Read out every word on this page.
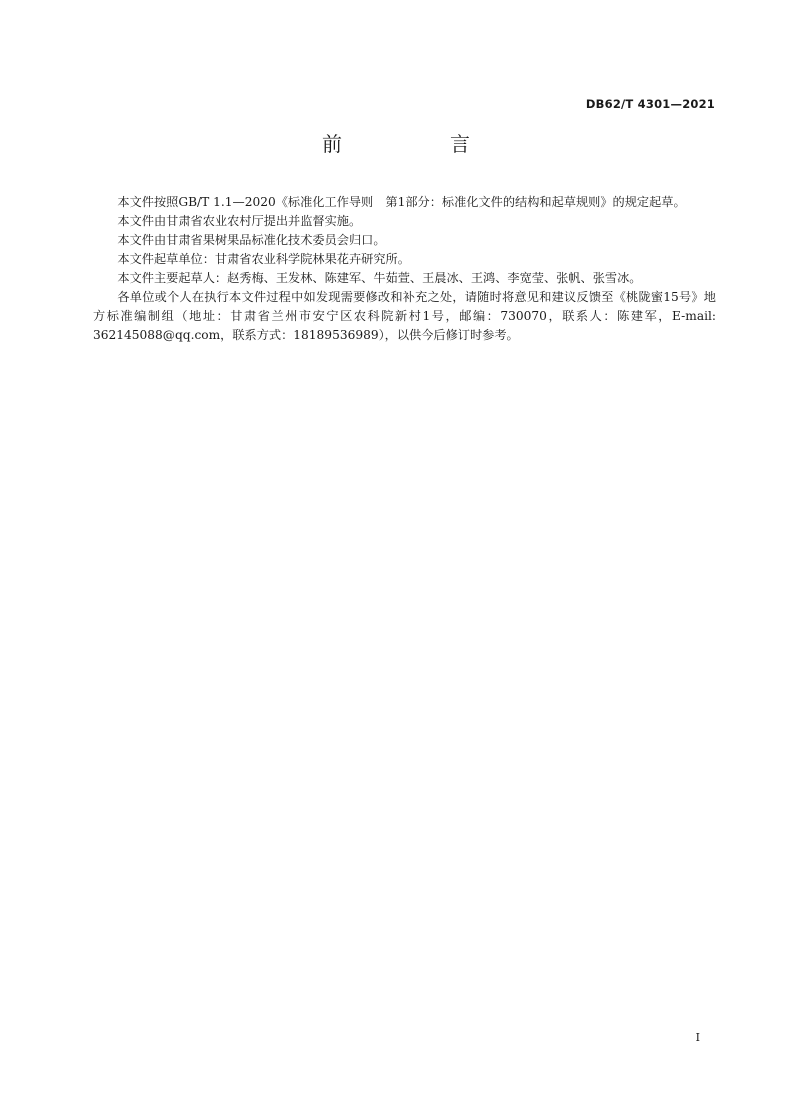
DB62/T 4301—2021
前　言

本文件按照GB/T 1.1—2020《标准化工作导则　第1部分：标准化文件的结构和起草规则》的规定起草。

本文件由甘肃省农业农村厅提出并监督实施。

本文件由甘肃省果树果品标准化技术委员会归口。

本文件起草单位：甘肃省农业科学院林果花卉研究所。

本文件主要起草人：赵秀梅、王发林、陈建军、牛茹萱、王晨冰、王鸿、李宽莹、张帆、张雪冰。

各单位或个人在执行本文件过程中如发现需要修改和补充之处，请随时将意见和建议反馈至《桃陇蜜15号》地方标准编制组（地址：甘肃省兰州市安宁区农科院新村1号，邮编：730070，联系人：陈建军，E-mail: 362145088@qq.com，联系方式：18189536989），以供今后修订时参考。

I
